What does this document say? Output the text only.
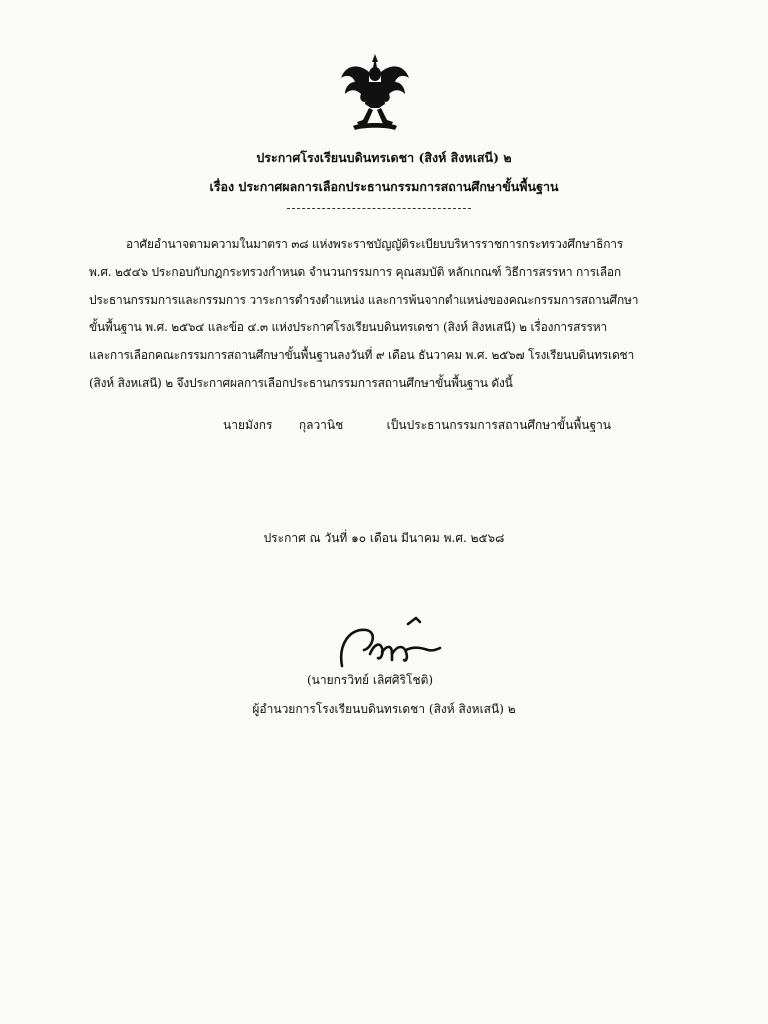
ประกาศโรงเรียนบดินทรเดชา (สิงห์ สิงหเสนี) ๒
เรื่อง ประกาศผลการเลือกประธานกรรมการสถานศึกษาขั้นพื้นฐาน
อาศัยอำนาจตามความในมาตรา ๓๘ แห่งพระราชบัญญัติระเบียบบริหารราชการกระทรวงศึกษาธิการ
พ.ศ. ๒๕๔๖ ประกอบกับกฎกระทรวงกำหนด จำนวนกรรมการ คุณสมบัติ หลักเกณฑ์ วิธีการสรรหา การเลือก
ประธานกรรมการและกรรมการ วาระการดำรงตำแหน่ง และการพ้นจากตำแหน่งของคณะกรรมการสถานศึกษา
ขั้นพื้นฐาน พ.ศ. ๒๕๖๔ และข้อ ๔.๓ แห่งประกาศโรงเรียนบดินทรเดชา (สิงห์ สิงหเสนี) ๒ เรื่องการสรรหา
และการเลือกคณะกรรมการสถานศึกษาขั้นพื้นฐานลงวันที่ ๙ เดือน ธันวาคม พ.ศ. ๒๕๖๗ โรงเรียนบดินทรเดชา
(สิงห์ สิงหเสนี) ๒ จึงประกาศผลการเลือกประธานกรรมการสถานศึกษาขั้นพื้นฐาน ดังนี้
นายมังกร กุลวานิช	เป็นประธานกรรมการสถานศึกษาขั้นพื้นฐาน
ประกาศ ณ วันที่ ๑๐ เดือน มีนาคม พ.ศ. ๒๕๖๘
(นายกรวิทย์ เลิศศิริโชติ)
ผู้อำนวยการโรงเรียนบดินทรเดชา (สิงห์ สิงหเสนี) ๒
